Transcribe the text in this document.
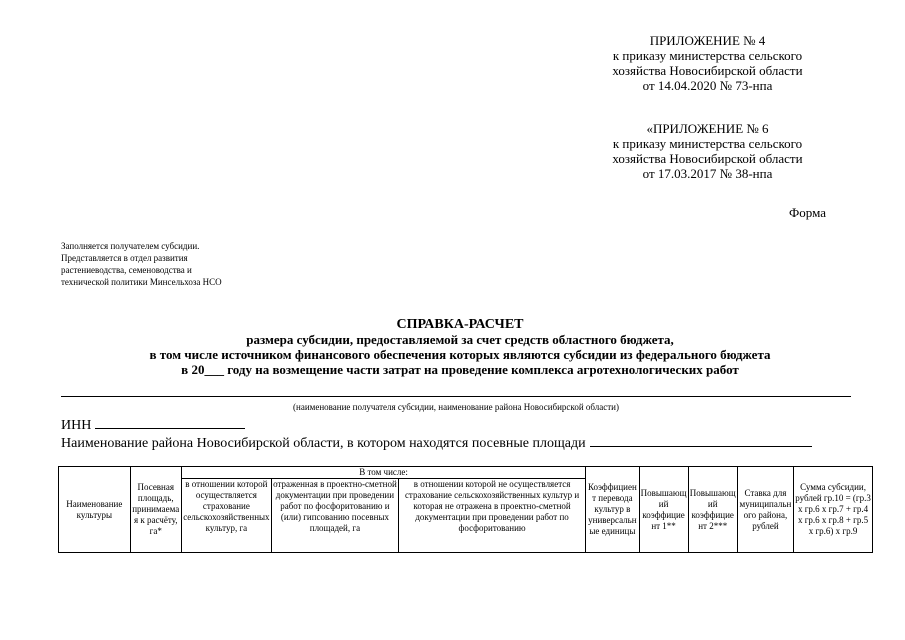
ПРИЛОЖЕНИЕ № 4
к приказу министерства сельского
хозяйства Новосибирской области
от 14.04.2020 № 73-нпа
«ПРИЛОЖЕНИЕ № 6
к приказу министерства сельского
хозяйства Новосибирской области
от 17.03.2017 № 38-нпа
Форма
Заполняется получателем субсидии.
Представляется в отдел развития
растениеводства, семеноводства и
технической политики Минсельхоза НСО
СПРАВКА-РАСЧЕТ
размера субсидии, предоставляемой за счет средств областного бюджета,
в том числе источником финансового обеспечения которых являются субсидии из федерального бюджета
в 20___ году на возмещение части затрат на проведение комплекса агротехнологических работ
(наименование получателя субсидии, наименование района Новосибирской области)
ИНН
Наименование района Новосибирской области, в котором находятся посевные площади
Наименование культуры	Посевная площадь, принимаемая к расчёту, га*	В том числе:			Коэффициент перевода культур в универсальные единицы	Повышающий коэффициент 1**	Повышающий коэффициент 2***	Ставка для муниципального района, рублей	Сумма субсидии, рублей гр.10 = (гр.3 х гр.6 х гр.7 + гр.4 х гр.6 х гр.8 + гр.5 х гр.6) х гр.9
		в отношении которой осуществляется страхование сельскохозяйственных культур, га	отраженная в проектно-сметной документации при проведении работ по фосфоритованию и (или) гипсованию посевных площадей, га	в отношении которой не осуществляется страхование сельскохозяйственных культур и которая не отражена в проектно-сметной документации при проведении работ по фосфоритованию					
